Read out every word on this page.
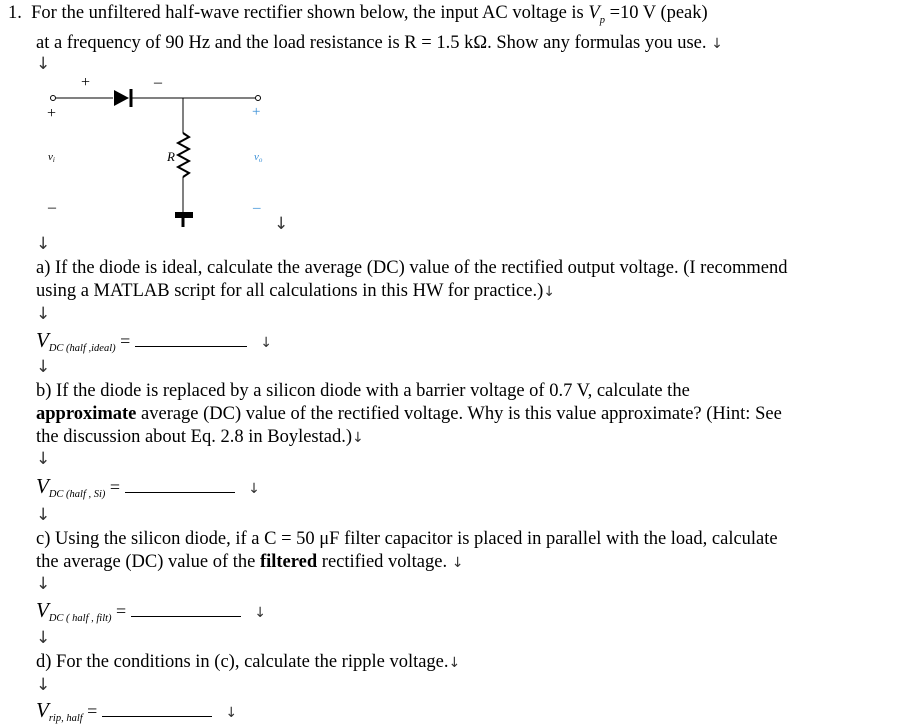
1. For the unfiltered half-wave rectifier shown below, the input AC voltage is $V_p =10$ V (peak)
at a frequency of 90 Hz and the load resistance is R = 1.5 kΩ. Show any formulas you use. ↓
↓
+	–
+	+
vi	R	vo
–	–
↓
↓
a) If the diode is ideal, calculate the average (DC) value of the rectified output voltage. (I recommend
using a MATLAB script for all calculations in this HW for practice.)↓
↓
$V_{DC (half ,ideal)}$ =	↓
↓
b) If the diode is replaced by a silicon diode with a barrier voltage of 0.7 V, calculate the
approximate average (DC) value of the rectified voltage. Why is this value approximate? (Hint: See
the discussion about Eq. 2.8 in Boylestad.)↓
↓
$V_{DC (half , Si)}$ =	↓
↓
c) Using the silicon diode, if a C = 50 μF filter capacitor is placed in parallel with the load, calculate
the average (DC) value of the filtered rectified voltage. ↓
↓
$V_{DC ( half , filt)}$ =	↓
↓
d) For the conditions in (c), calculate the ripple voltage.↓
↓
$V_{rip, half}$ =	↓
